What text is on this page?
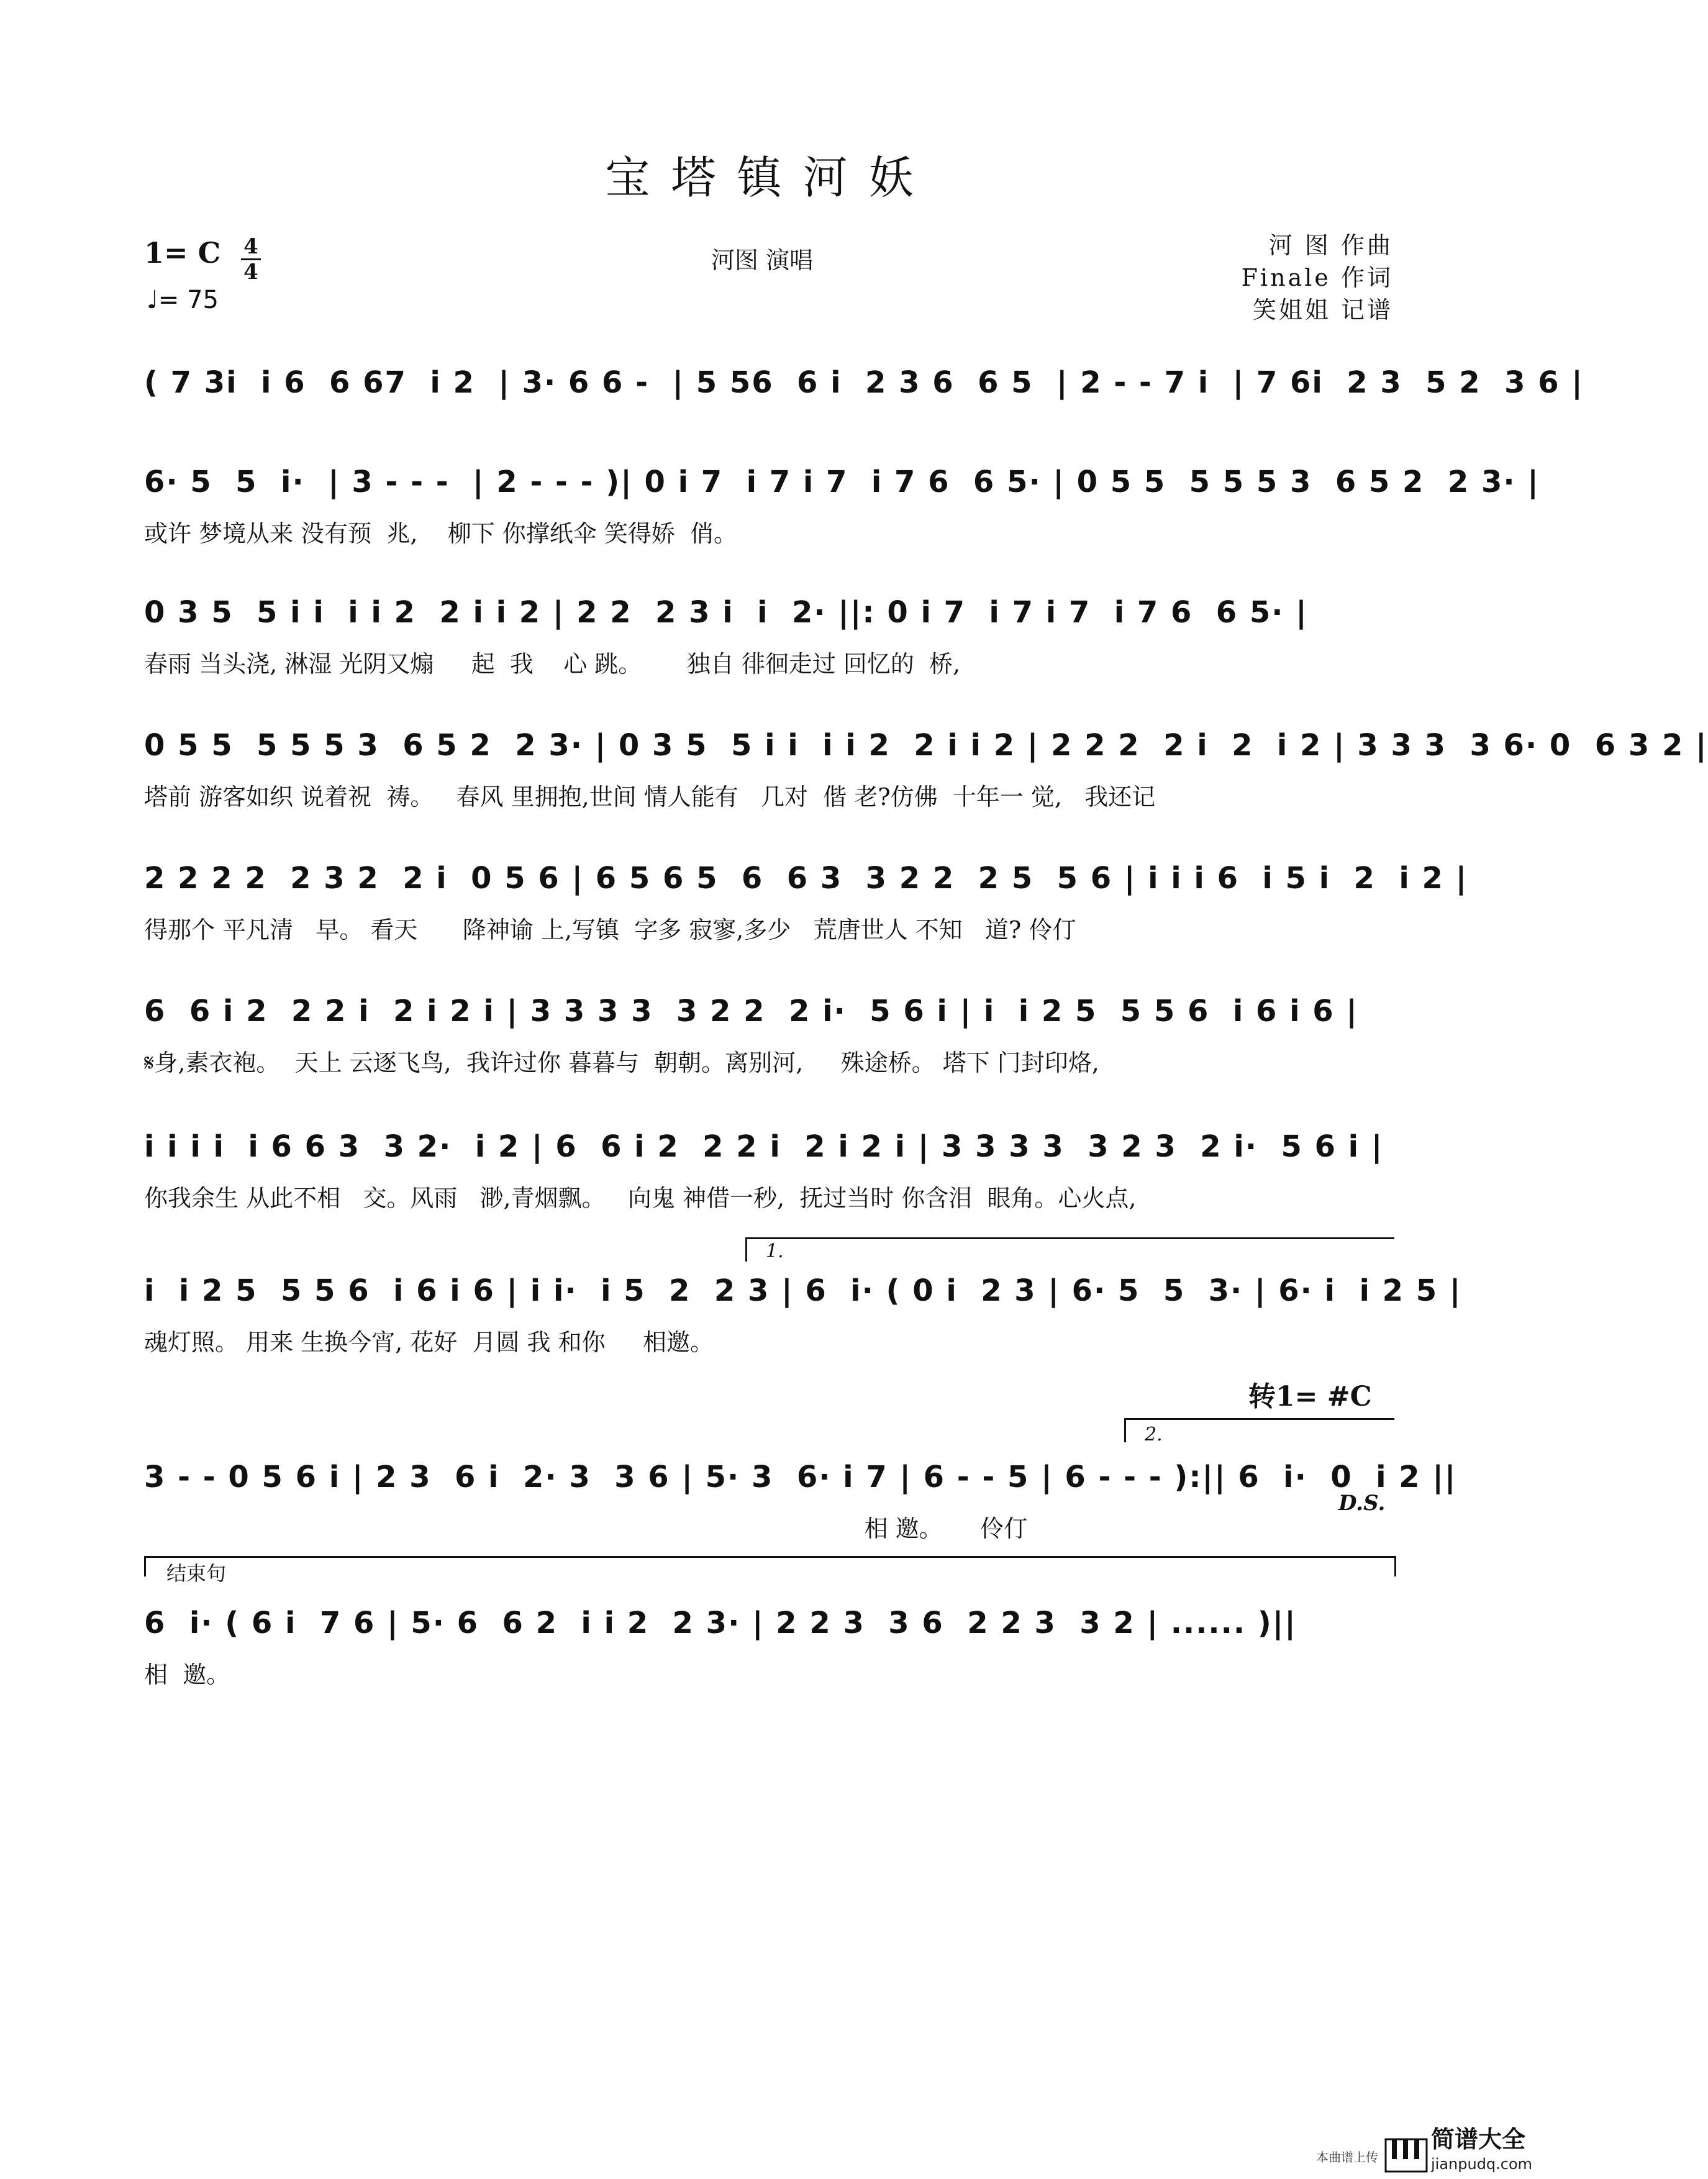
宝塔镇河妖
1= C 4
4
♩= 75
河图 演唱
河 图 作曲
Finale 作词
笑姐姐 记谱
( 7 3i  i 6  6 67  i 2  | 3· 6 6 -  | 5 56  6 i  2 3 6  6 5  | 2 - - 7 i  | 7 6i  2 3  5 2  3 6 |
6· 5  5  i·  | 3 - - -  | 2 - - - )| 0 i 7  i 7 i 7  i 7 6  6 5· | 0 5 5  5 5 5 3  6 5 2  2 3· |
或许 梦境从来 没有预  兆,    柳下 你撑纸伞 笑得娇  俏。
0 3 5  5 i i  i i 2  2 i i 2 | 2 2  2 3 i  i  2· ||: 0 i 7  i 7 i 7  i 7 6  6 5· |
春雨 当头浇, 淋湿 光阴又煽     起  我    心 跳。      独自 徘徊走过 回忆的  桥,
0 5 5  5 5 5 3  6 5 2  2 3· | 0 3 5  5 i i  i i 2  2 i i 2 | 2 2 2  2 i  2  i 2 | 3 3 3  3 6· 0  6 3 2 |
塔前 游客如织 说着祝  祷。   春风 里拥抱,世间 情人能有   几对  偕 老?仿佛  十年一 觉,   我还记
2 2 2 2  2 3 2  2 i  0 5 6 | 6 5 6 5  6  6 3  3 2 2  2 5  5 6 | i i i 6  i 5 i  2  i 2 |
得那个 平凡清   早。 看天      降神谕 上,写镇  字多 寂寥,多少   荒唐世人 不知   道? 伶仃
6  6 i 2  2 2 i  2 i 2 i | 3 3 3 3  3 2 2  2 i·  5 6 i | i  i 2 5  5 5 6  i 6 i 6 |
𝄋身,素衣袍。  天上 云逐飞鸟,  我许过你 暮暮与  朝朝。离别河,     殊途桥。 塔下 门封印烙,
i i i i  i 6 6 3  3 2·  i 2 | 6  6 i 2  2 2 i  2 i 2 i | 3 3 3 3  3 2 3  2 i·  5 6 i |
你我余生 从此不相   交。风雨   渺,青烟飘。   向鬼 神借一秒,  抚过当时 你含泪  眼角。心火点,
1.
i  i 2 5  5 5 6  i 6 i 6 | i i·  i 5  2  2 3 | 6  i· ( 0 i  2 3 | 6· 5  5  3· | 6· i  i 2 5 |
魂灯照。 用来 生换今宵, 花好  月圆 我 和你     相邀。
转1= #C
2.
3 - - 0 5 6 i | 2 3  6 i  2· 3  3 6 | 5· 3  6· i 7 | 6 - - 5 | 6 - - - ):|| 6  i·  0  i 2 ||
相 邀。     伶仃
D.S.
结束句
6  i· ( 6 i  7 6 | 5· 6  6 2  i i 2  2 3· | 2 2 3  3 6  2 2 3  3 2 | ...... )||
相  邀。
本曲谱上传
简谱大全
jianpudq.com
